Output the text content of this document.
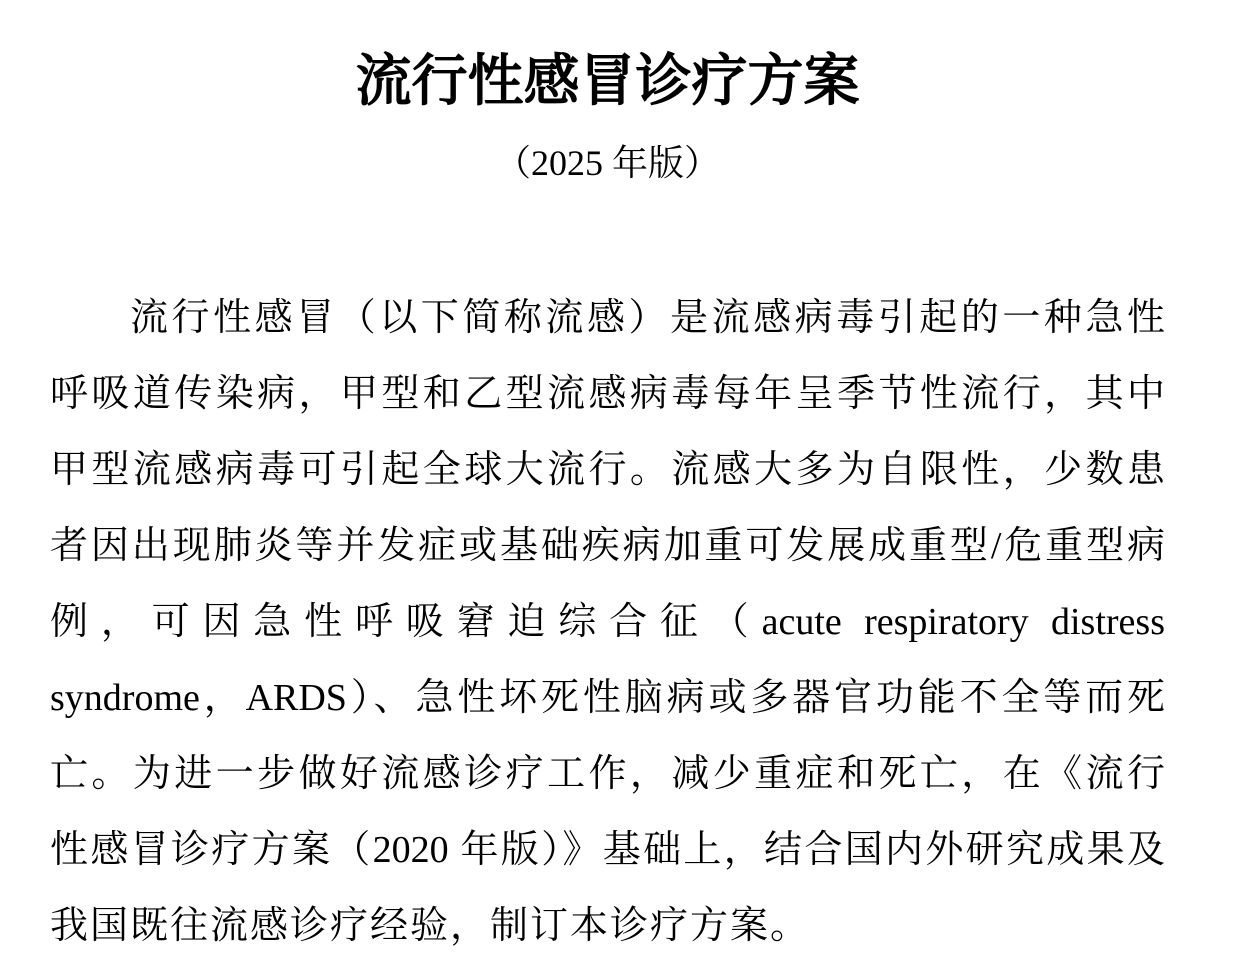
流行性感冒诊疗方案
（2025 年版）
流行性感冒（以下简称流感）是流感病毒引起的一种急性
呼吸道传染病，甲型和乙型流感病毒每年呈季节性流行，其中
甲型流感病毒可引起全球大流行。流感大多为自限性，少数患
者因出现肺炎等并发症或基础疾病加重可发展成重型/危重型病
例，可因急性呼吸窘迫综合征（acute respiratory distress
syndrome，ARDS）、急性坏死性脑病或多器官功能不全等而死
亡。为进一步做好流感诊疗工作，减少重症和死亡，在《流行
性感冒诊疗方案（2020 年版）》基础上，结合国内外研究成果及
我国既往流感诊疗经验，制订本诊疗方案。
